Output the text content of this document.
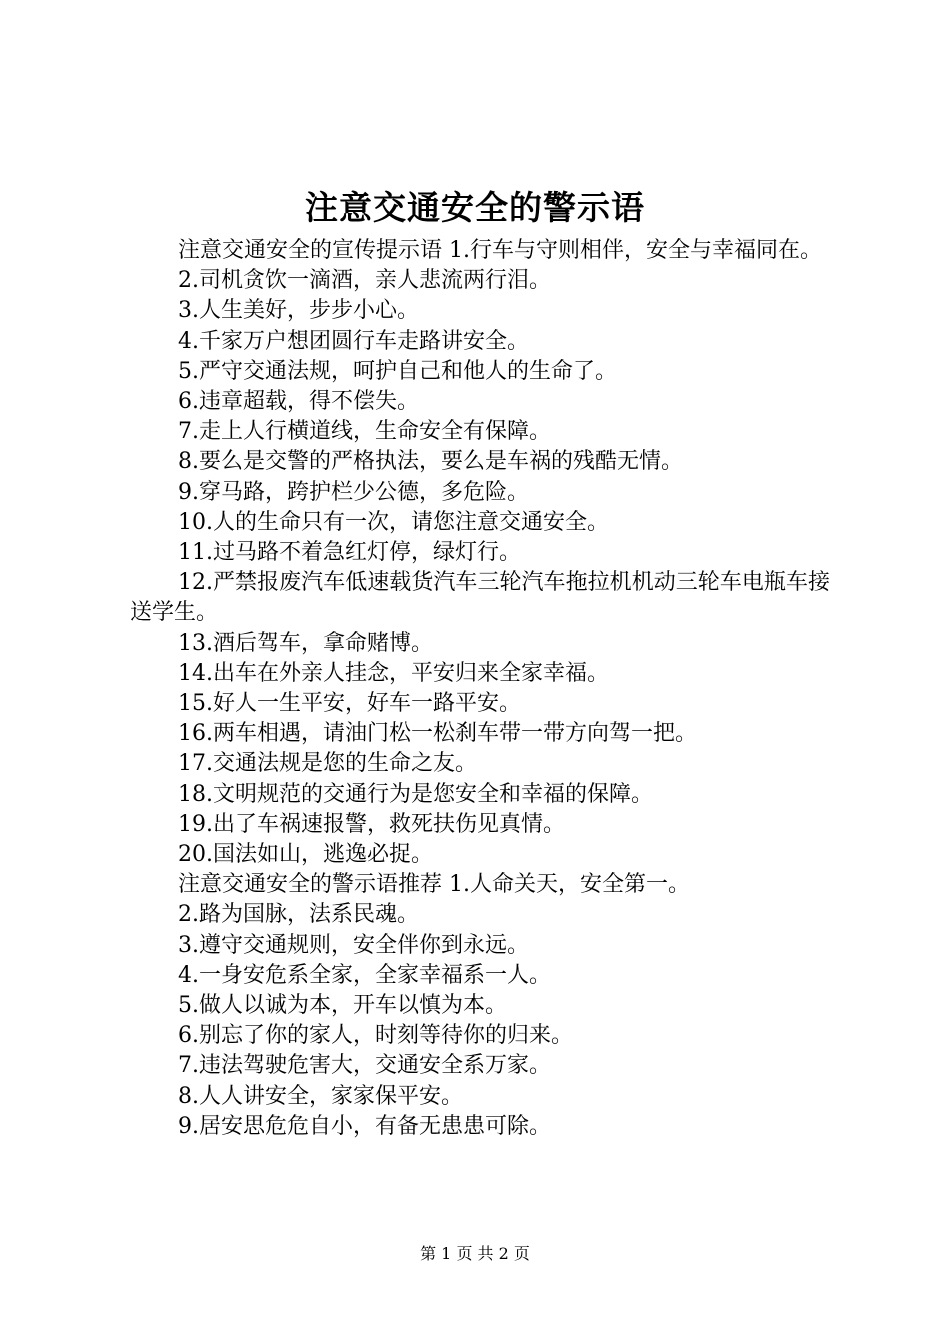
注意交通安全的警示语

注意交通安全的宣传提示语 1.行车与守则相伴，安全与幸福同在。

2.司机贪饮一滴酒，亲人悲流两行泪。

3.人生美好，步步小心。

4.千家万户想团圆行车走路讲安全。

5.严守交通法规，呵护自己和他人的生命了。

6.违章超载，得不偿失。

7.走上人行横道线，生命安全有保障。

8.要么是交警的严格执法，要么是车祸的残酷无情。

9.穿马路，跨护栏少公德，多危险。

10.人的生命只有一次，请您注意交通安全。

11.过马路不着急红灯停，绿灯行。

12.严禁报废汽车低速载货汽车三轮汽车拖拉机机动三轮车电瓶车接送学生。

13.酒后驾车，拿命赌博。

14.出车在外亲人挂念，平安归来全家幸福。

15.好人一生平安，好车一路平安。

16.两车相遇，请油门松一松刹车带一带方向驾一把。

17.交通法规是您的生命之友。

18.文明规范的交通行为是您安全和幸福的保障。

19.出了车祸速报警，救死扶伤见真情。

20.国法如山，逃逸必捉。

注意交通安全的警示语推荐 1.人命关天，安全第一。

2.路为国脉，法系民魂。

3.遵守交通规则，安全伴你到永远。

4.一身安危系全家，全家幸福系一人。

5.做人以诚为本，开车以慎为本。

6.别忘了你的家人，时刻等待你的归来。

7.违法驾驶危害大，交通安全系万家。

8.人人讲安全，家家保平安。

9.居安思危危自小，有备无患患可除。

第 1 页 共 2 页
